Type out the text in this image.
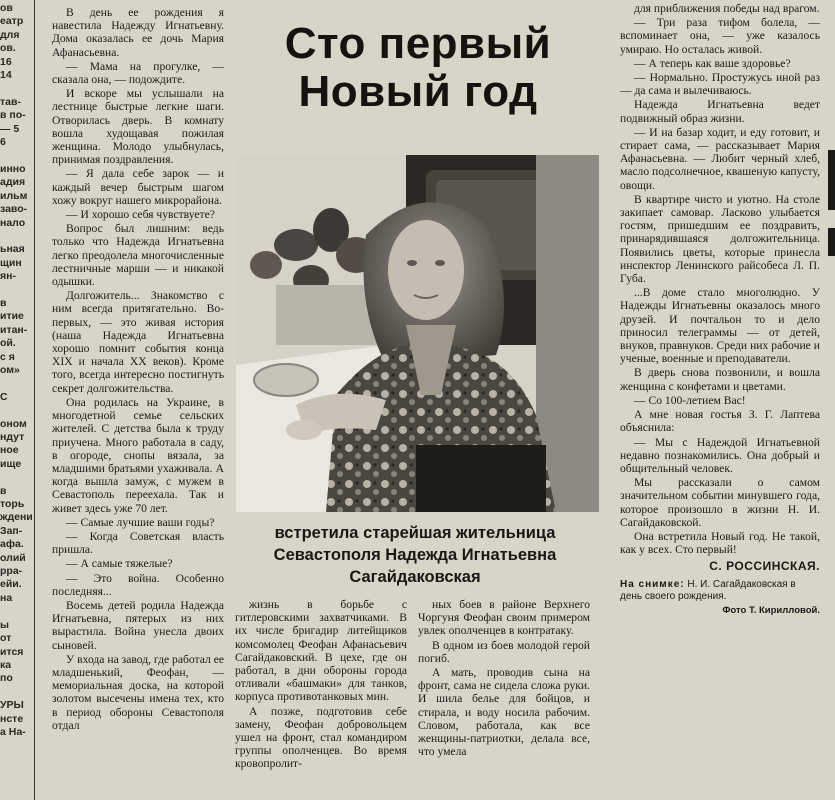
ов
еатр
для
ов.
16
14

тав-
в по-
— 5
6

инно
адия
ильм
заво-
нало

ьная
щин
ян-

в
итие
итан-
ой.
с я
ом»

С

оном
ндут
ное
ище

в
торь
ждени
Зап-
афа.
олий
рра-
ейи.
на

ы
от
ится
ка
по

УРЫ
нсте
а На-

В день ее рождения я навестила Надежду Игнатьевну. Дома оказалась ее дочь Мария Афанасьевна.

— Мама на прогулке, — сказала она, — подождите.

И вскоре мы услышали на лестнице быстрые легкие шаги. Отворилась дверь. В комнату вошла худощавая пожилая женщина. Молодо улыбнулась, принимая поздравления.

— Я дала себе зарок — и каждый вечер быстрым шагом хожу вокруг нашего микрорайона.

— И хорошо себя чувствуете?

Вопрос был лишним: ведь только что Надежда Игнатьевна легко преодолела многочисленные лестничные марши — и никакой одышки.

Долгожитель... Знакомство с ним всегда притягательно. Во-первых, — это живая история (наша Надежда Игнатьевна хорошо помнит события конца XIX и начала XX веков). Кроме того, всегда интересно постигнуть секрет долгожительства.

Она родилась на Украине, в многодетной семье сельских жителей. С детства была к труду приучена. Много работала в саду, в огороде, снопы вязала, за младшими братьями ухаживала. А когда вышла замуж, с мужем в Севастополь переехала. Так и живет здесь уже 70 лет.

— Самые лучшие ваши годы?

— Когда Советская власть пришла.

— А самые тяжелые?

— Это война. Особенно последняя...

Восемь детей родила Надежда Игнатьевна, пятерых из них вырастила. Война унесла двоих сыновей.

У входа на завод, где работал ее младшенький, Феофан, — мемориальная доска, на которой золотом высечены имена тех, кто в период обороны Севастополя отдал

Сто первый
Новый год
встретила старейшая жительница
Севастополя Надежда Игнатьевна
Сагайдаковская

жизнь в борьбе с гитлеровскими захватчиками. В их числе бригадир литейщиков комсомолец Феофан Афанасьевич Сагайдаковский. В цехе, где он работал, в дни обороны города отливали «башмаки» для танков, корпуса противотанковых мин.

А позже, подготовив себе замену, Феофан добровольцем ушел на фронт, стал командиром группы ополченцев. Во время кровопролит-

ных боев в районе Верхнего Чоргуня Феофан своим примером увлек ополченцев в контратаку.

В одном из боев молодой герой погиб.

А мать, проводив сына на фронт, сама не сидела сложа руки. И шила белье для бойцов, и стирала, и воду носила рабочим. Словом, работала, как все женщины-патриотки, делала все, что умела

для приближения победы над врагом.

— Три раза тифом болела, — вспоминает она, — уже казалось умираю. Но осталась живой.

— А теперь как ваше здоровье?

— Нормально. Простужусь иной раз — да сама и вылечиваюсь.

Надежда Игнатьевна ведет подвижный образ жизни.

— И на базар ходит, и еду готовит, и стирает сама, — рассказывает Мария Афанасьевна. — Любит черный хлеб, масло подсолнечное, квашеную капусту, овощи.

В квартире чисто и уютно. На столе закипает самовар. Ласково улыбается гостям, пришедшим ее поздравить, принарядившаяся долгожительница. Появились цветы, которые принесла инспектор Ленинского райсобеса Л. П. Губа.

...В доме стало многолюдно. У Надежды Игнатьевны оказалось много друзей. И почтальон то и дело приносил телеграммы — от детей, внуков, правнуков. Среди них рабочие и ученые, военные и преподаватели.

В дверь снова позвонили, и вошла женщина с конфетами и цветами.

— Со 100-летием Вас!

А мне новая гостья З. Г. Лаптева объяснила:

— Мы с Надеждой Игнатьевной недавно познакомились. Она добрый и общительный человек.

Мы рассказали о самом значительном событии минувшего года, которое произошло в жизни Н. И. Сагайдаковской.

Она встретила Новый год. Не такой, как у всех. Сто первый!

С. РОССИНСКАЯ.

На снимке: Н. И. Сагайдаковская в день своего рождения.

Фото Т. Кирилловой.
